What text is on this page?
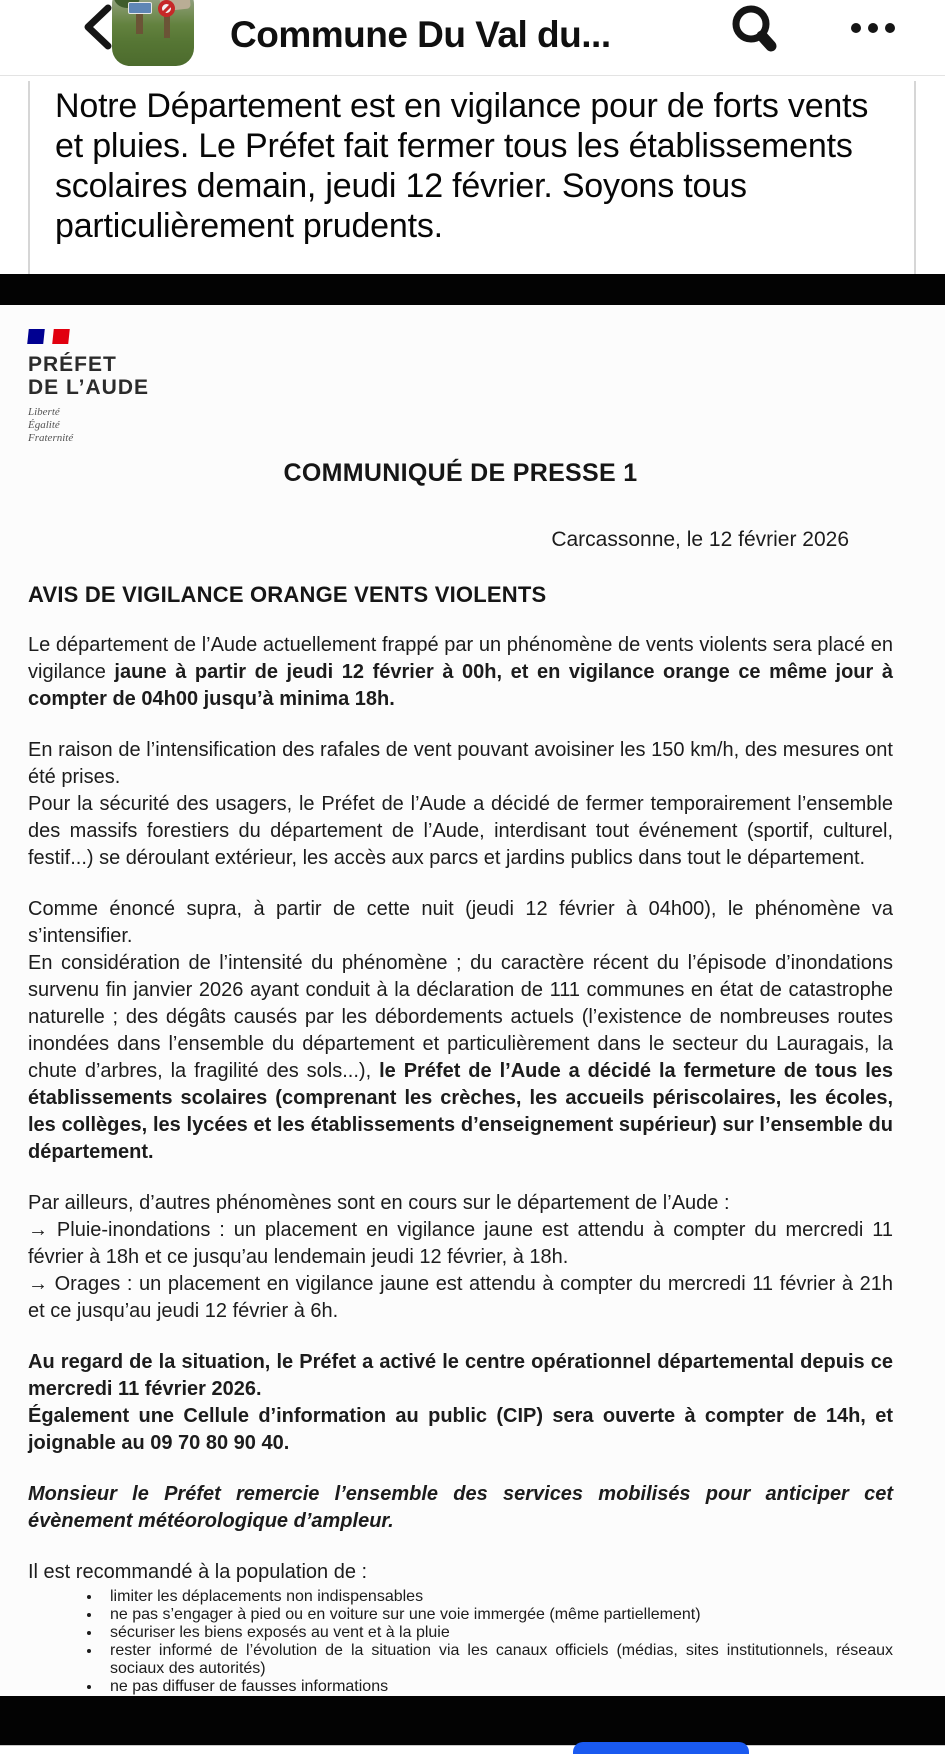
Commune Du Val du...

Notre Département est en vigilance pour de forts vents et pluies. Le Préfet fait fermer tous les établissements scolaires demain, jeudi 12 février. Soyons tous particulièrement prudents.

PRÉFET
DE L’AUDE
Liberté
Égalité
Fraternité
COMMUNIQUÉ DE PRESSE 1
Carcassonne, le 12 février 2026
AVIS DE VIGILANCE ORANGE VENTS VIOLENTS

Le département de l’Aude actuellement frappé par un phénomène de vents violents sera placé en vigilance jaune à partir de jeudi 12 février à 00h, et en vigilance orange ce même jour à compter de 04h00 jusqu’à minima 18h.

En raison de l’intensification des rafales de vent pouvant avoisiner les 150 km/h, des mesures ont été prises.

Pour la sécurité des usagers, le Préfet de l’Aude a décidé de fermer temporairement l’ensemble des massifs forestiers du département de l’Aude, interdisant tout événement (sportif, culturel, festif...) se déroulant extérieur, les accès aux parcs et jardins publics dans tout le département.

Comme énoncé supra, à partir de cette nuit (jeudi 12 février à 04h00), le phénomène va s’intensifier.

En considération de l’intensité du phénomène ; du caractère récent du l’épisode d’inondations survenu fin janvier 2026 ayant conduit à la déclaration de 111 communes en état de catastrophe naturelle ; des dégâts causés par les débordements actuels (l’existence de nombreuses routes inondées dans l’ensemble du département et particulièrement dans le secteur du Lauragais, la chute d’arbres, la fragilité des sols...), le Préfet de l’Aude a décidé la fermeture de tous les établissements scolaires (comprenant les crèches, les accueils périscolaires, les écoles, les collèges, les lycées et les établissements d’enseignement supérieur) sur l’ensemble du département.

Par ailleurs, d’autres phénomènes sont en cours sur le département de l’Aude :

→ Pluie-inondations : un placement en vigilance jaune est attendu à compter du mercredi 11 février à 18h et ce jusqu’au lendemain jeudi 12 février, à 18h.

→ Orages : un placement en vigilance jaune est attendu à compter du mercredi 11 février à 21h et ce jusqu’au jeudi 12 février à 6h.

Au regard de la situation, le Préfet a activé le centre opérationnel départemental depuis ce mercredi 11 février 2026.

Également une Cellule d’information au public (CIP) sera ouverte à compter de 14h, et joignable au 09 70 80 90 40.

Monsieur le Préfet remercie l’ensemble des services mobilisés pour anticiper cet évènement météorologique d’ampleur.

Il est recommandé à la population de :

• limiter les déplacements non indispensables
• ne pas s’engager à pied ou en voiture sur une voie immergée (même partiellement)
• sécuriser les biens exposés au vent et à la pluie
• rester informé de l’évolution de la situation via les canaux officiels (médias, sites institutionnels, réseaux sociaux des autorités)
• ne pas diffuser de fausses informations
